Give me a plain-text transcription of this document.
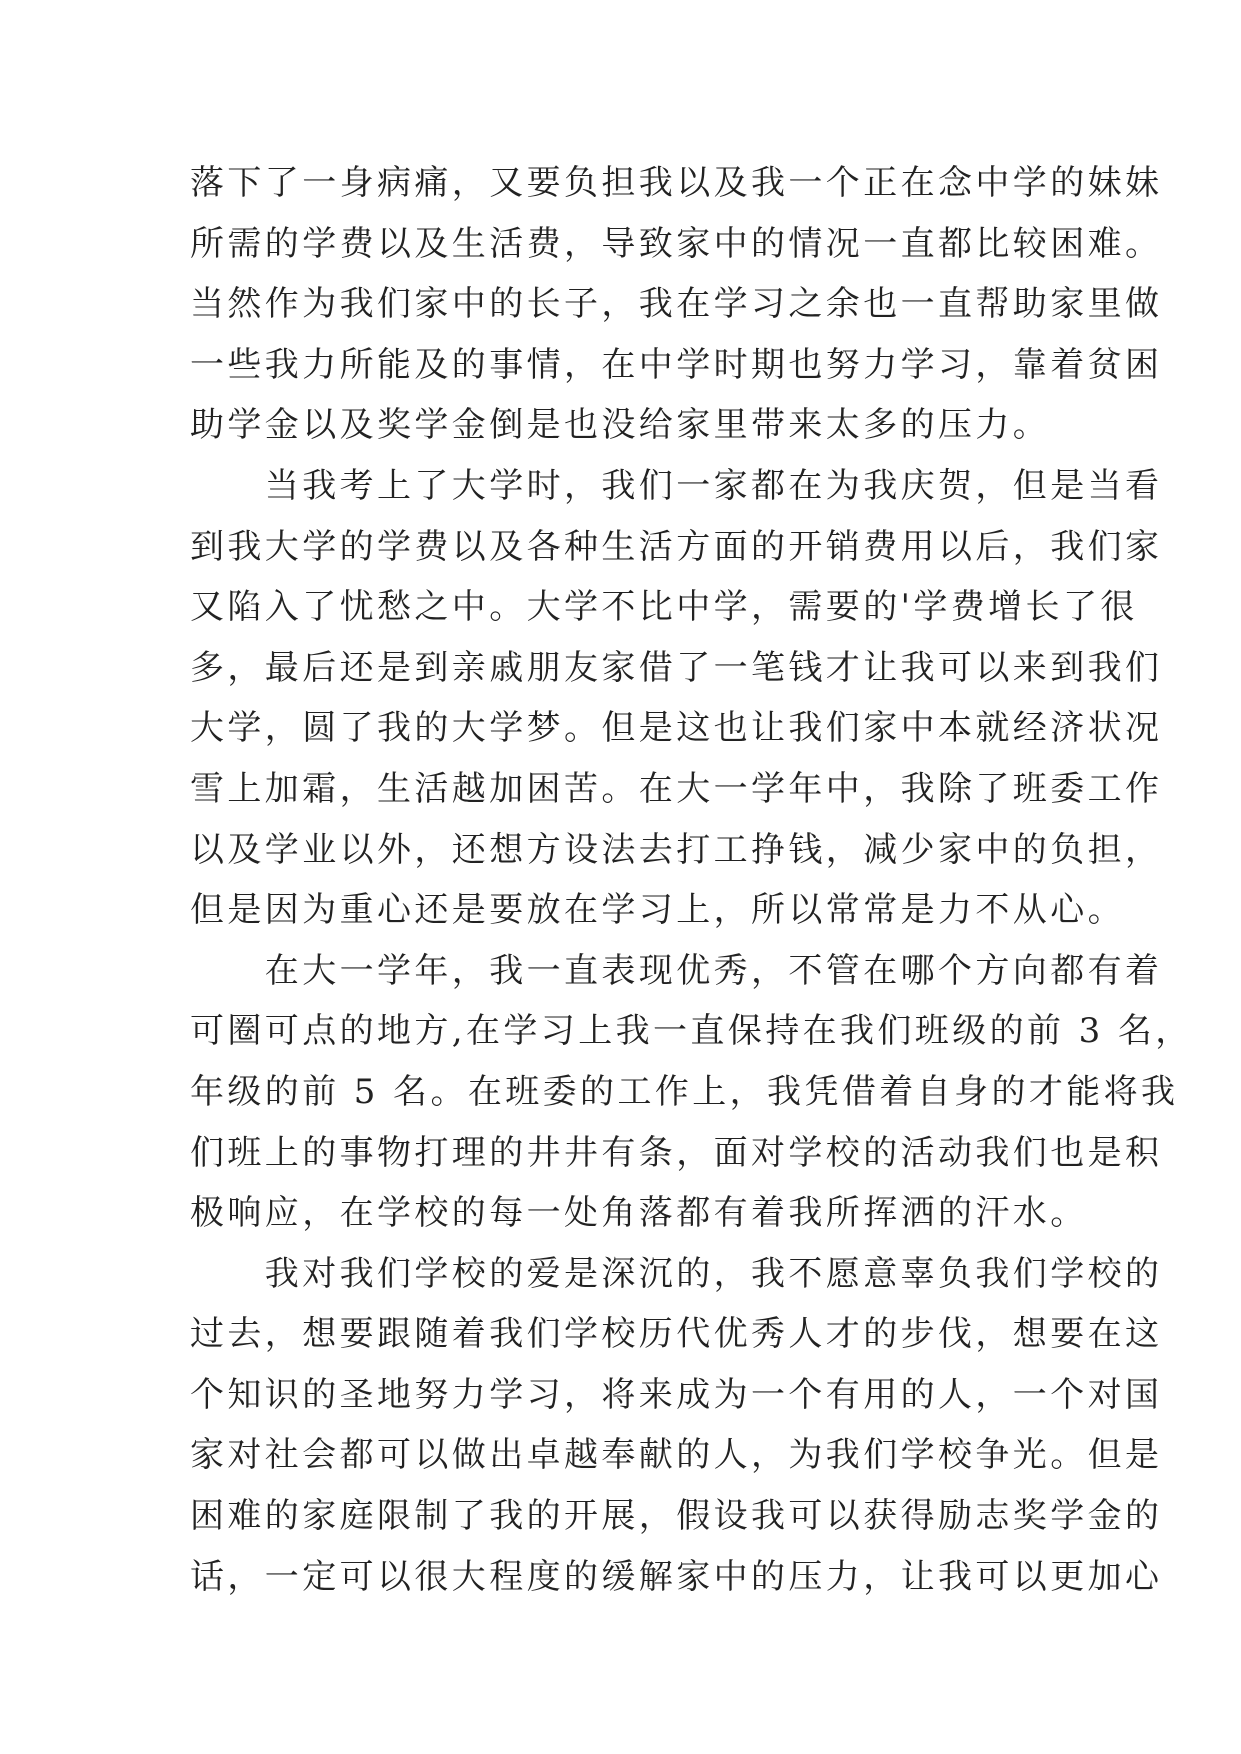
落下了一身病痛，又要负担我以及我一个正在念中学的妹妹
所需的学费以及生活费，导致家中的情况一直都比较困难。
当然作为我们家中的长子，我在学习之余也一直帮助家里做
一些我力所能及的事情，在中学时期也努力学习，靠着贫困
助学金以及奖学金倒是也没给家里带来太多的压力。
　　当我考上了大学时，我们一家都在为我庆贺，但是当看
到我大学的学费以及各种生活方面的开销费用以后，我们家
又陷入了忧愁之中。大学不比中学，需要的'学费增长了很
多，最后还是到亲戚朋友家借了一笔钱才让我可以来到我们
大学，圆了我的大学梦。但是这也让我们家中本就经济状况
雪上加霜，生活越加困苦。在大一学年中，我除了班委工作
以及学业以外，还想方设法去打工挣钱，减少家中的负担，
但是因为重心还是要放在学习上，所以常常是力不从心。
　　在大一学年，我一直表现优秀，不管在哪个方向都有着
可圈可点的地方,在学习上我一直保持在我们班级的前 3 名，
年级的前 5 名。在班委的工作上，我凭借着自身的才能将我
们班上的事物打理的井井有条，面对学校的活动我们也是积
极响应，在学校的每一处角落都有着我所挥洒的汗水。
　　我对我们学校的爱是深沉的，我不愿意辜负我们学校的
过去，想要跟随着我们学校历代优秀人才的步伐，想要在这
个知识的圣地努力学习，将来成为一个有用的人，一个对国
家对社会都可以做出卓越奉献的人，为我们学校争光。但是
困难的家庭限制了我的开展，假设我可以获得励志奖学金的
话，一定可以很大程度的缓解家中的压力，让我可以更加心
